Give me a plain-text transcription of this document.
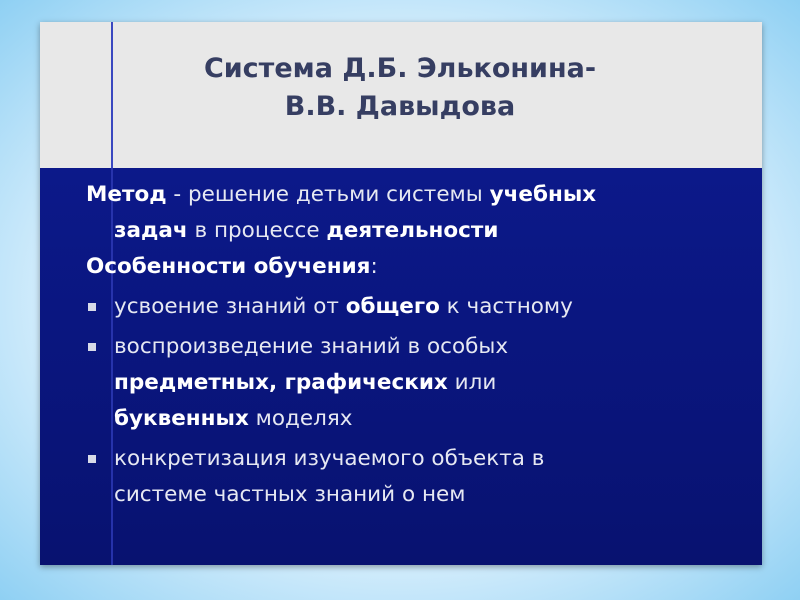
Система Д.Б. Эльконина-
В.В. Давыдова

Метод - решение детьми системы учебных
задач в процессе деятельности

Особенности обучения:

усвоение знаний от общего к частному
воспроизведение знаний в особых
предметных, графических или
буквенных моделях
конкретизация изучаемого объекта в
системе частных знаний о нем
